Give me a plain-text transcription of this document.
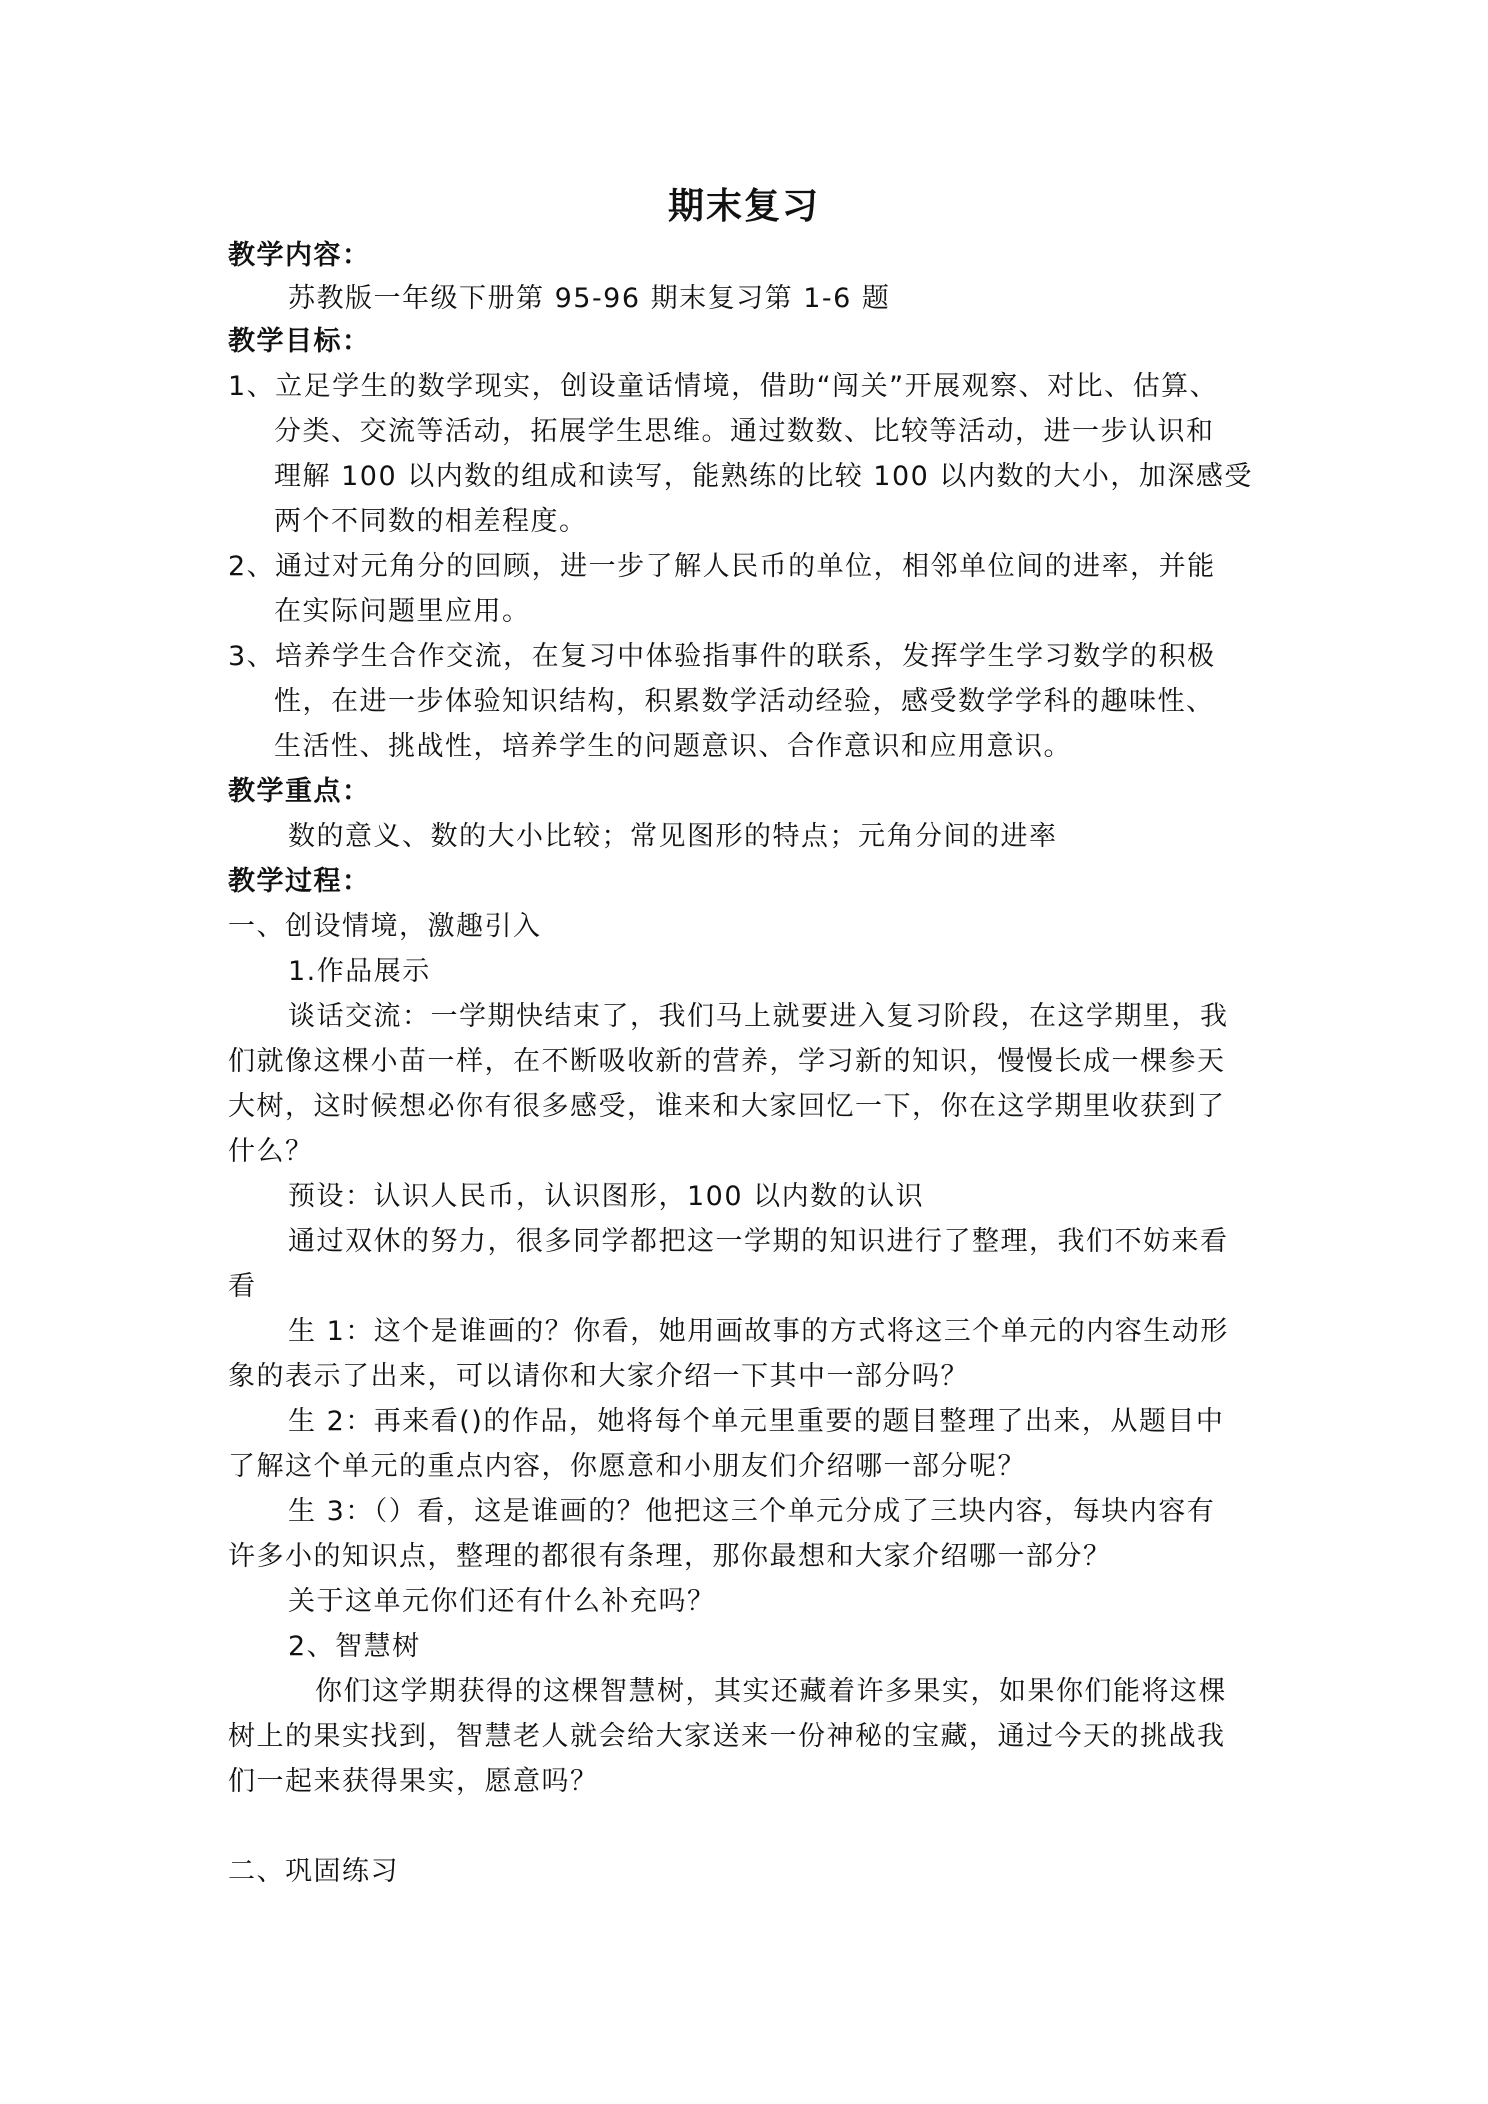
期末复习
教学内容：
苏教版一年级下册第 95-96 期末复习第 1-6 题
教学目标：
1、立足学生的数学现实，创设童话情境，借助“闯关”开展观察、对比、估算、
分类、交流等活动，拓展学生思维。通过数数、比较等活动，进一步认识和
理解 100 以内数的组成和读写，能熟练的比较 100 以内数的大小，加深感受
两个不同数的相差程度。
2、通过对元角分的回顾，进一步了解人民币的单位，相邻单位间的进率，并能
在实际问题里应用。
3、培养学生合作交流，在复习中体验指事件的联系，发挥学生学习数学的积极
性，在进一步体验知识结构，积累数学活动经验，感受数学学科的趣味性、
生活性、挑战性，培养学生的问题意识、合作意识和应用意识。
教学重点：
数的意义、数的大小比较；常见图形的特点；元角分间的进率
教学过程：
一、创设情境，激趣引入
1.作品展示
谈话交流：一学期快结束了，我们马上就要进入复习阶段，在这学期里，我
们就像这棵小苗一样，在不断吸收新的营养，学习新的知识，慢慢长成一棵参天
大树，这时候想必你有很多感受，谁来和大家回忆一下，你在这学期里收获到了
什么？
预设：认识人民币，认识图形，100 以内数的认识
通过双休的努力，很多同学都把这一学期的知识进行了整理，我们不妨来看
看
生 1：这个是谁画的？你看，她用画故事的方式将这三个单元的内容生动形
象的表示了出来，可以请你和大家介绍一下其中一部分吗？
生 2：再来看()的作品，她将每个单元里重要的题目整理了出来，从题目中
了解这个单元的重点内容，你愿意和小朋友们介绍哪一部分呢？
生 3：（）看，这是谁画的？他把这三个单元分成了三块内容，每块内容有
许多小的知识点，整理的都很有条理，那你最想和大家介绍哪一部分？
关于这单元你们还有什么补充吗？
2、智慧树
你们这学期获得的这棵智慧树，其实还藏着许多果实，如果你们能将这棵
树上的果实找到，智慧老人就会给大家送来一份神秘的宝藏，通过今天的挑战我
们一起来获得果实，愿意吗？
二、巩固练习
